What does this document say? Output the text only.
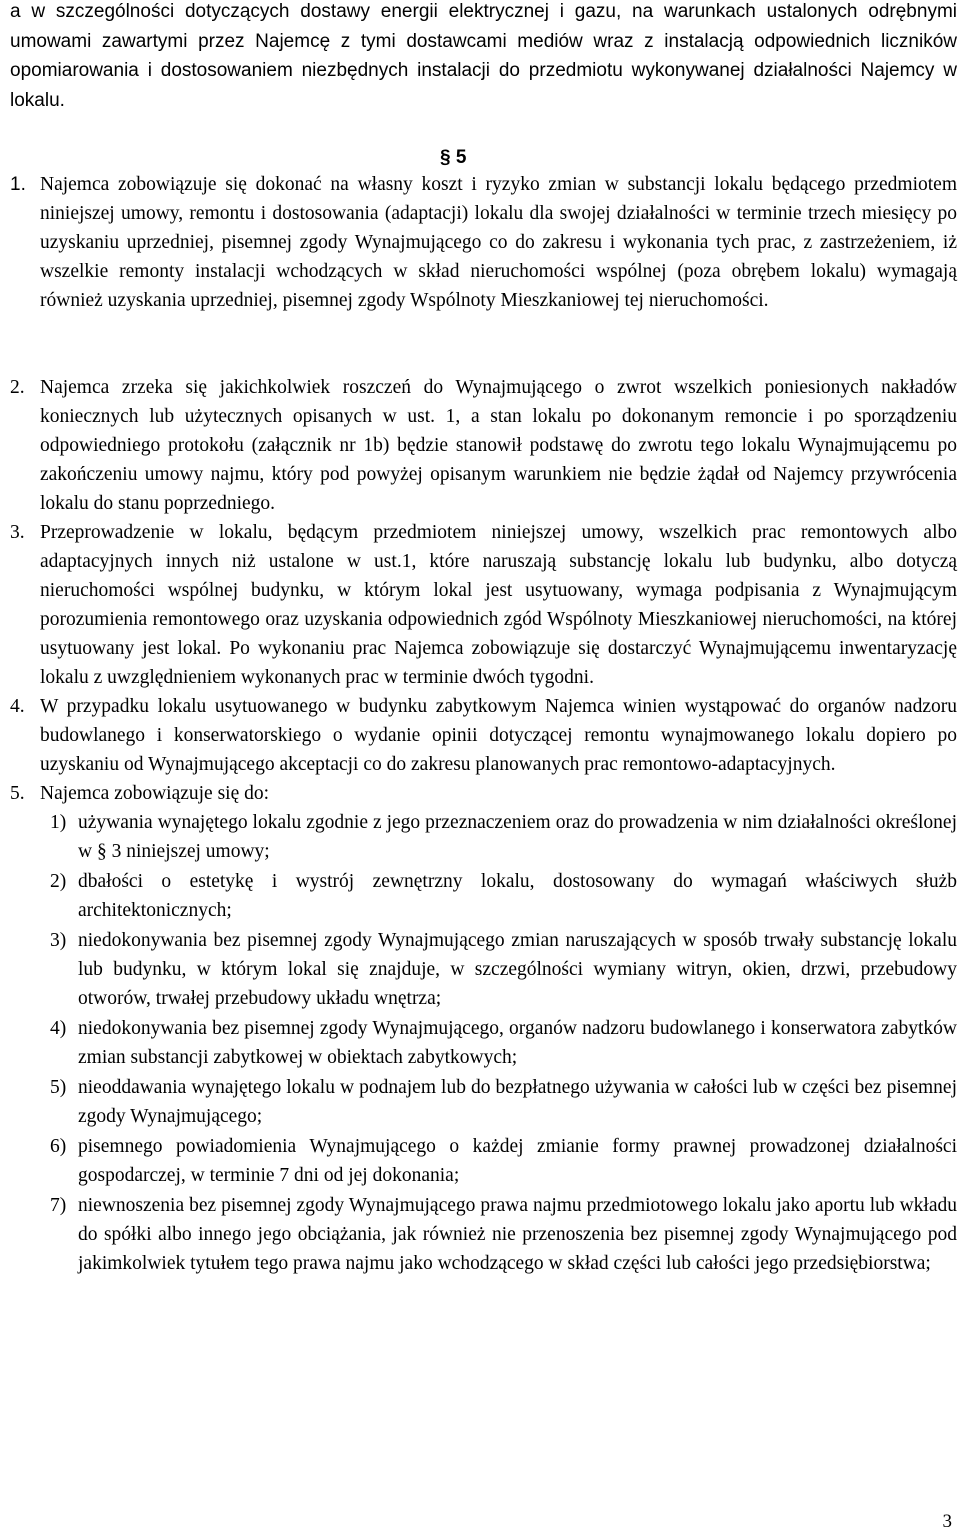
a w szczególności dotyczących dostawy energii elektrycznej i gazu, na warunkach ustalonych odrębnymi umowami zawartymi przez Najemcę z tymi dostawcami mediów wraz z instalacją odpowiednich liczników opomiarowania i dostosowaniem niezbędnych instalacji do przedmiotu wykonywanej działalności Najemcy w lokalu.
§ 5
1. Najemca zobowiązuje się dokonać na własny koszt i ryzyko zmian w substancji lokalu będącego przedmiotem niniejszej umowy, remontu i dostosowania (adaptacji) lokalu dla swojej działalności w terminie trzech miesięcy po uzyskaniu uprzedniej, pisemnej zgody Wynajmującego co do zakresu i wykonania tych prac, z zastrzeżeniem, iż wszelkie remonty instalacji wchodzących w skład nieruchomości wspólnej (poza obrębem lokalu) wymagają również uzyskania uprzedniej, pisemnej zgody Wspólnoty Mieszkaniowej tej nieruchomości.
2. Najemca zrzeka się jakichkolwiek roszczeń do Wynajmującego o zwrot wszelkich poniesionych nakładów koniecznych lub użytecznych opisanych w ust. 1, a stan lokalu po dokonanym remoncie i po sporządzeniu odpowiedniego protokołu (załącznik nr 1b) będzie stanowił podstawę do zwrotu tego lokalu Wynajmującemu po zakończeniu umowy najmu, który pod powyżej opisanym warunkiem nie będzie żądał od Najemcy przywrócenia lokalu do stanu poprzedniego.
3. Przeprowadzenie w lokalu, będącym przedmiotem niniejszej umowy, wszelkich prac remontowych albo adaptacyjnych innych niż ustalone w ust.1, które naruszają substancję lokalu lub budynku, albo dotyczą nieruchomości wspólnej budynku, w którym lokal jest usytuowany, wymaga podpisania z Wynajmującym porozumienia remontowego oraz uzyskania odpowiednich zgód Wspólnoty Mieszkaniowej nieruchomości, na której usytuowany jest lokal. Po wykonaniu prac Najemca zobowiązuje się dostarczyć Wynajmującemu inwentaryzację lokalu z uwzględnieniem wykonanych prac w terminie dwóch tygodni.
4. W przypadku lokalu usytuowanego w budynku zabytkowym Najemca winien wystąpować do organów nadzoru budowlanego i konserwatorskiego o wydanie opinii dotyczącej remontu wynajmowanego lokalu dopiero po uzyskaniu od Wynajmującego akceptacji co do zakresu planowanych prac remontowo-adaptacyjnych.
5. Najemca zobowiązuje się do:
1) używania wynajętego lokalu zgodnie z jego przeznaczeniem oraz do prowadzenia w nim działalności określonej w § 3 niniejszej umowy;
2) dbałości o estetykę i wystrój zewnętrzny lokalu, dostosowany do wymagań właściwych służb architektonicznych;
3) niedokonywania bez pisemnej zgody Wynajmującego zmian naruszających w sposób trwały substancję lokalu lub budynku, w którym lokal się znajduje, w szczególności wymiany witryn, okien, drzwi, przebudowy otworów, trwałej przebudowy układu wnętrza;
4) niedokonywania bez pisemnej zgody Wynajmującego, organów nadzoru budowlanego i konserwatora zabytków zmian substancji zabytkowej w obiektach zabytkowych;
5) nieoddawania wynajętego lokalu w podnajem lub do bezpłatnego używania w całości lub w części bez pisemnej zgody Wynajmującego;
6) pisemnego powiadomienia Wynajmującego o każdej zmianie formy prawnej prowadzonej działalności gospodarczej, w terminie 7 dni od jej dokonania;
7) niewnoszenia bez pisemnej zgody Wynajmującego prawa najmu przedmiotowego lokalu jako aportu lub wkładu do spółki albo innego jego obciążania, jak również nie przenoszenia bez pisemnej zgody Wynajmującego pod jakimkolwiek tytułem tego prawa najmu jako wchodzącego w skład części lub całości jego przedsiębiorstwa;
3
